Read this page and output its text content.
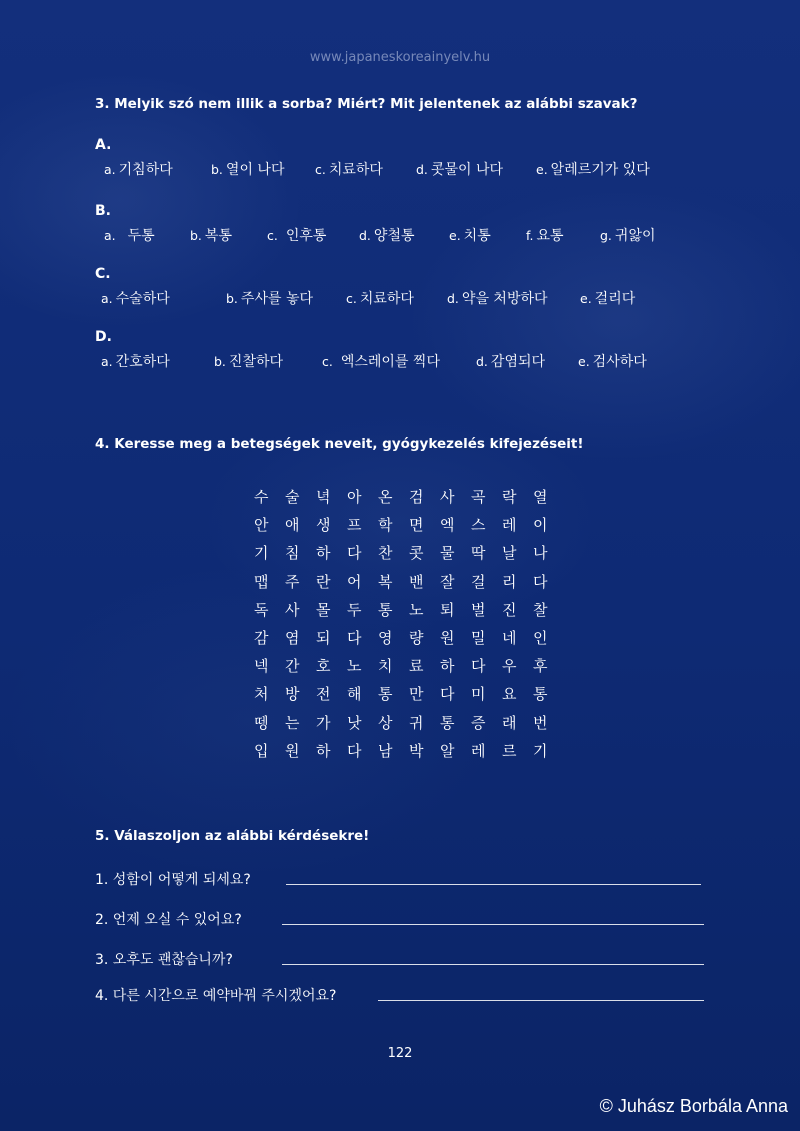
www.japaneskoreainyelv.hu
3. Melyik szó nem illik a sorba? Miért? Mit jelentenek az alábbi szavak?
A.
a. 기침하다	b. 열이 나다 c. 치료하다	d. 콧물이 나다	e. 알레르기가 있다
B.
a. 두통	b. 복통	c. 인후통	d. 양철통	e. 치통	f. 요통	g. 귀앓이
C.
a. 수술하다	b. 주사를 놓다	c. 치료하다	d. 약을 처방하다	e. 걸리다
D.
a. 간호하다	b. 진찰하다	c. 엑스레이를 찍다	d. 감염되다	e. 검사하다
4. Keresse meg a betegségek neveit, gyógykezelés kifejezéseit!
수	술	녁	아	온	검	사	곡	락	열
안	애	생	프	학	면	엑	스	레	이
기	침	하	다	찬	콧	물	딱	날	나
맵	주	란	어	복	밴	잘	걸	리	다
독	사	몰	두	통	노	퇴	벌	진	찰
감	염	되	다	영	량	원	밀	네	인
넥	간	호	노	치	료	하	다	우	후
처	방	전	해	통	만	다	미	요	통
뗑	는	가	낫	상	귀	통	증	래	번
입	원	하	다	남	박	알	레	르	기
5. Válaszoljon az alábbi kérdésekre!
1. 성함이 어떻게 되세요?
2. 언제 오실 수 있어요?
3. 오후도 괜찮습니까?
4. 다른 시간으로 예약바꿔 주시겠어요?
122
© Juhász Borbála Anna
